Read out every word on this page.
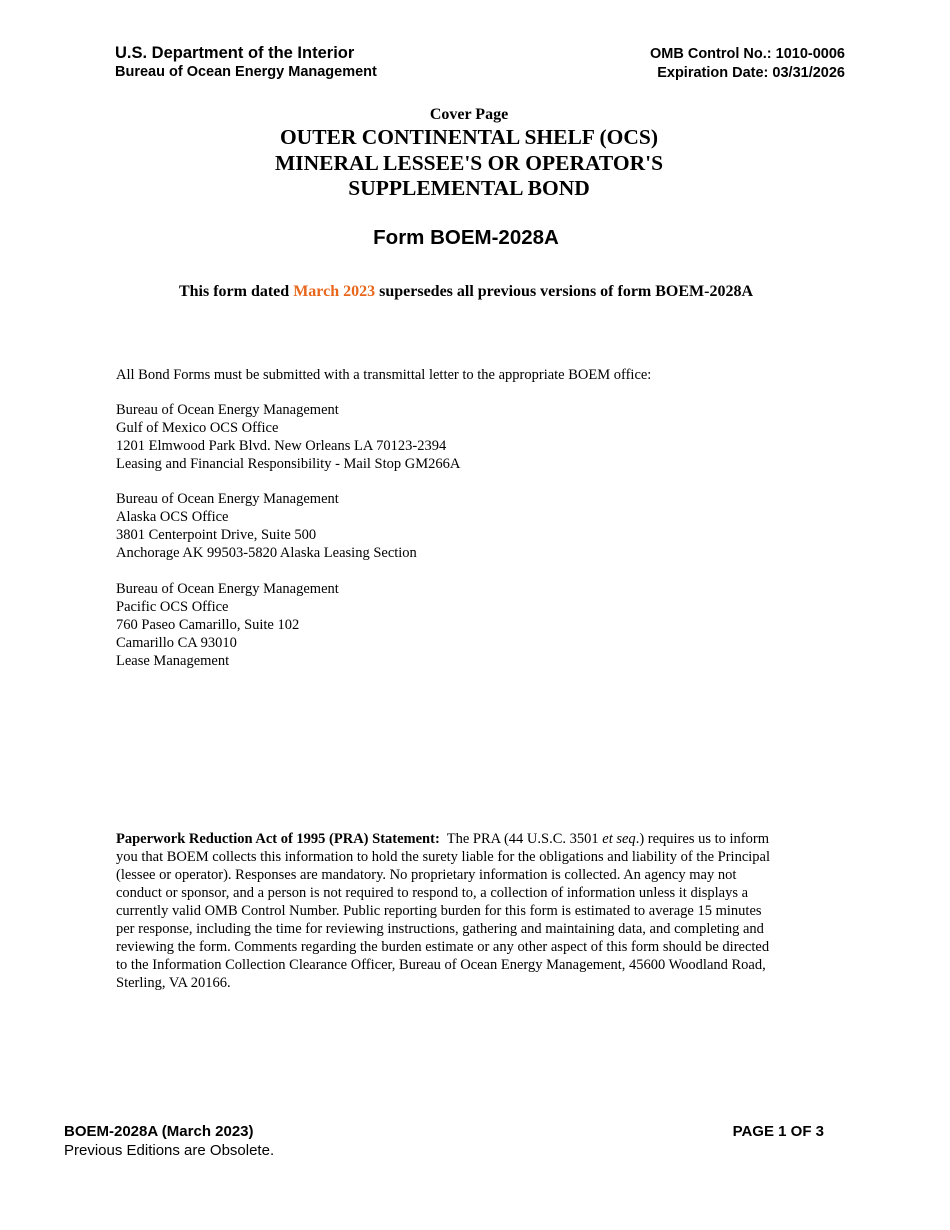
U.S. Department of the Interior
Bureau of Ocean Energy Management
OMB Control No.: 1010-0006
Expiration Date: 03/31/2026
Cover Page
OUTER CONTINENTAL SHELF (OCS)
MINERAL LESSEE'S OR OPERATOR'S
SUPPLEMENTAL BOND
Form BOEM-2028A
This form dated March 2023 supersedes all previous versions of form BOEM-2028A
All Bond Forms must be submitted with a transmittal letter to the appropriate BOEM office:
Bureau of Ocean Energy Management
Gulf of Mexico OCS Office
1201 Elmwood Park Blvd. New Orleans LA 70123-2394
Leasing and Financial Responsibility - Mail Stop GM266A
Bureau of Ocean Energy Management
Alaska OCS Office
3801 Centerpoint Drive, Suite 500
Anchorage AK 99503-5820 Alaska Leasing Section
Bureau of Ocean Energy Management
Pacific OCS Office
760 Paseo Camarillo, Suite 102
Camarillo CA 93010
Lease Management
Paperwork Reduction Act of 1995 (PRA) Statement:  The PRA (44 U.S.C. 3501 et seq.) requires us to inform
you that BOEM collects this information to hold the surety liable for the obligations and liability of the Principal
(lessee or operator). Responses are mandatory. No proprietary information is collected. An agency may not
conduct or sponsor, and a person is not required to respond to, a collection of information unless it displays a
currently valid OMB Control Number. Public reporting burden for this form is estimated to average 15 minutes
per response, including the time for reviewing instructions, gathering and maintaining data, and completing and
reviewing the form. Comments regarding the burden estimate or any other aspect of this form should be directed
to the Information Collection Clearance Officer, Bureau of Ocean Energy Management, 45600 Woodland Road,
Sterling, VA 20166.
BOEM-2028A (March 2023)
Previous Editions are Obsolete.
PAGE 1 OF 3
